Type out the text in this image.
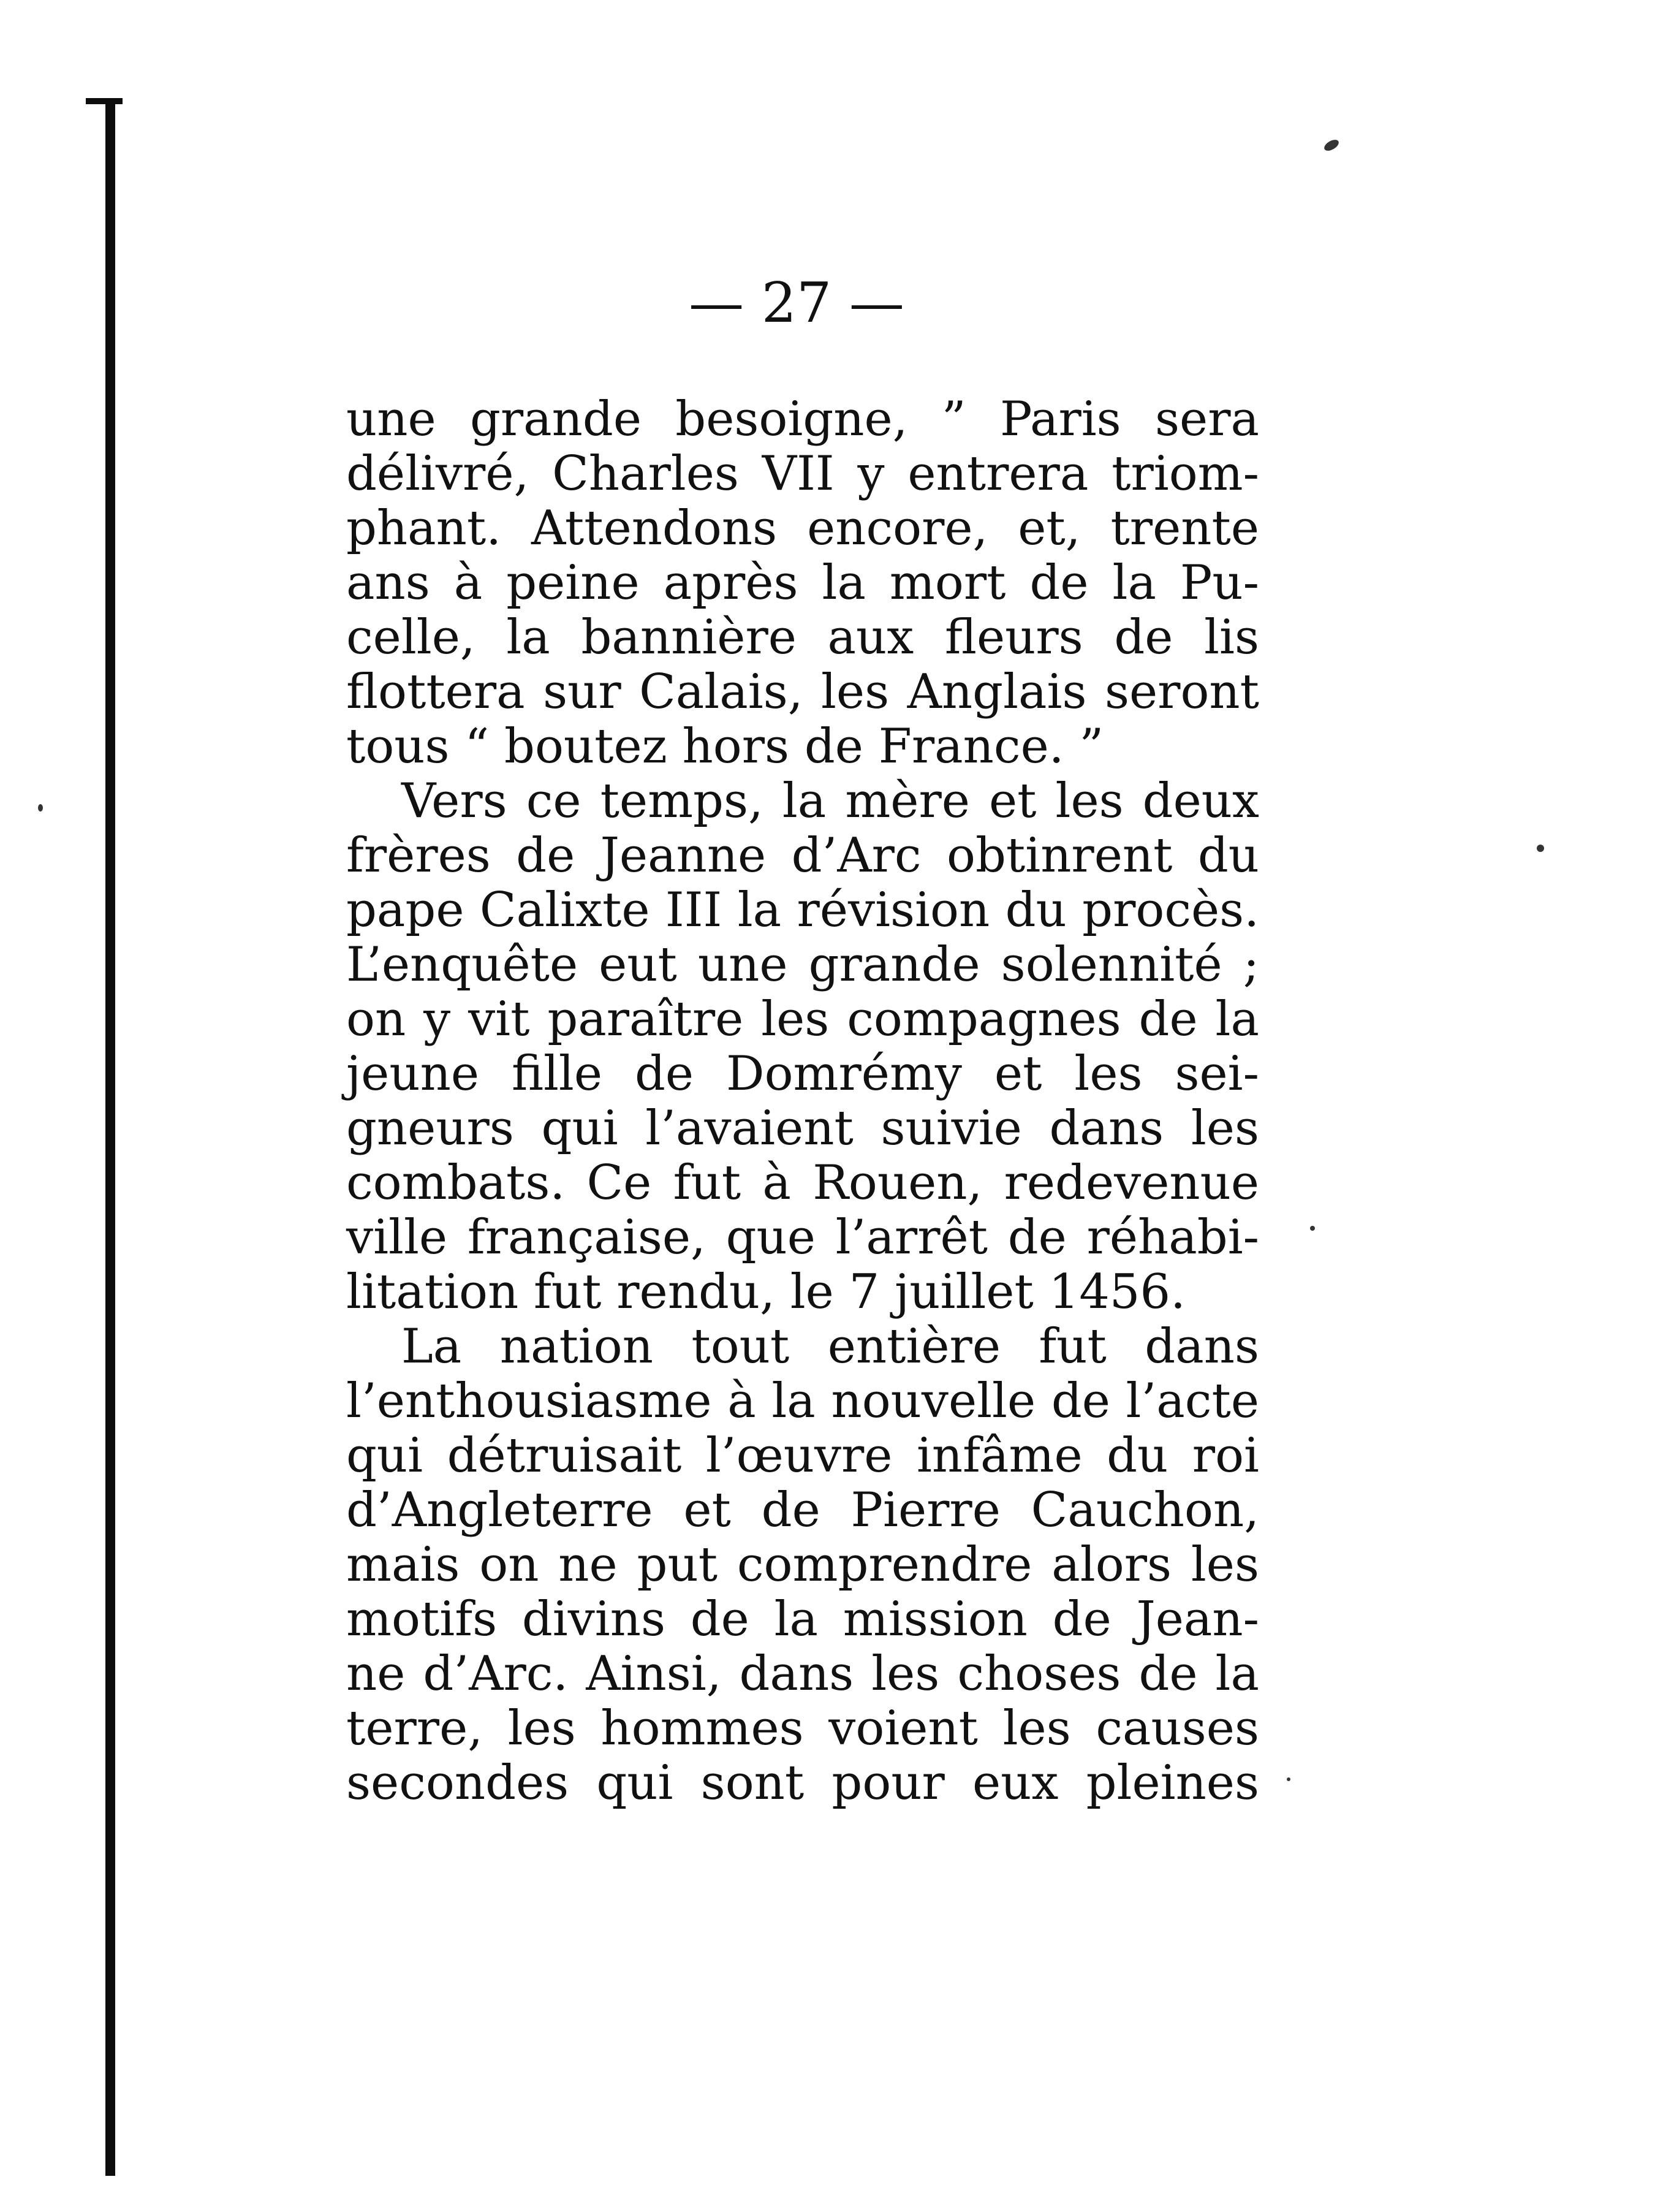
— 27 —
une grande besoigne, ” Paris sera
délivré, Charles VII y entrera triom-
phant. Attendons encore, et, trente
ans à peine après la mort de la Pu-
celle, la bannière aux fleurs de lis
flottera sur Calais, les Anglais seront
tous “ boutez hors de France. ”
Vers ce temps, la mère et les deux
frères de Jeanne d’Arc obtinrent du
pape Calixte III la révision du procès.
L’enquête eut une grande solennité ;
on y vit paraître les compagnes de la
jeune fille de Domrémy et les sei-
gneurs qui l’avaient suivie dans les
combats. Ce fut à Rouen, redevenue
ville française, que l’arrêt de réhabi-
litation fut rendu, le 7 juillet 1456.
La nation tout entière fut dans
l’enthousiasme à la nouvelle de l’acte
qui détruisait l’œuvre infâme du roi
d’Angleterre et de Pierre Cauchon,
mais on ne put comprendre alors les
motifs divins de la mission de Jean-
ne d’Arc. Ainsi, dans les choses de la
terre, les hommes voient les causes
secondes qui sont pour eux pleines
